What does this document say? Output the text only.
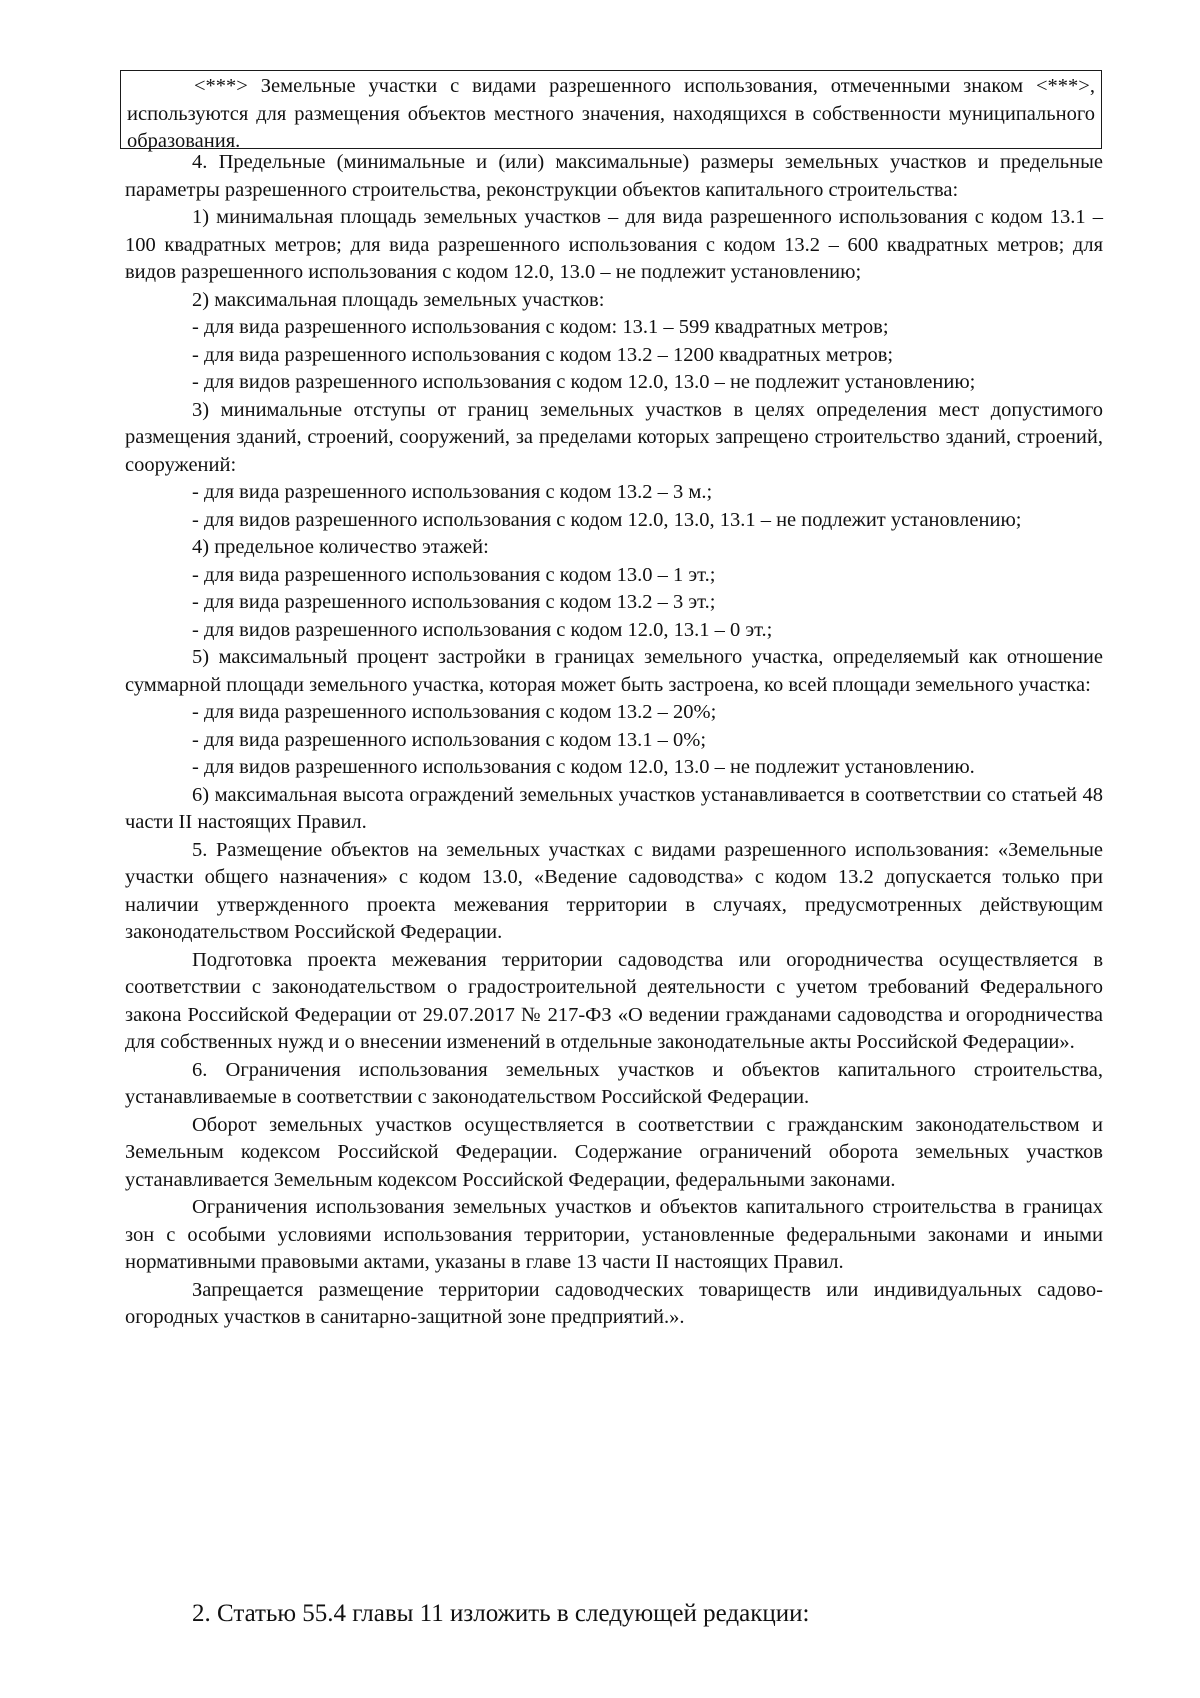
<***> Земельные участки с видами разрешенного использования, отмеченными знаком <***>, используются для размещения объектов местного значения, находящихся в собственности муниципального образования.

4. Предельные (минимальные и (или) максимальные) размеры земельных участков и предельные параметры разрешенного строительства, реконструкции объектов капитального строительства:

1) минимальная площадь земельных участков – для вида разрешенного использования с кодом 13.1 – 100 квадратных метров; для вида разрешенного использования с кодом 13.2 – 600 квадратных метров; для видов разрешенного использования с кодом 12.0, 13.0 – не подлежит установлению;

2) максимальная площадь земельных участков:

- для вида разрешенного использования с кодом: 13.1 – 599 квадратных метров;

- для вида разрешенного использования с кодом 13.2 – 1200 квадратных метров;

- для видов разрешенного использования с кодом 12.0, 13.0 – не подлежит установлению;

3) минимальные отступы от границ земельных участков в целях определения мест допустимого размещения зданий, строений, сооружений, за пределами которых запрещено строительство зданий, строений, сооружений:

- для вида разрешенного использования с кодом 13.2 – 3 м.;

- для видов разрешенного использования с кодом 12.0, 13.0, 13.1 – не подлежит установлению;

4) предельное количество этажей:

- для вида разрешенного использования с кодом 13.0 – 1 эт.;

- для вида разрешенного использования с кодом 13.2 – 3 эт.;

- для видов разрешенного использования с кодом 12.0, 13.1 – 0 эт.;

5) максимальный процент застройки в границах земельного участка, определяемый как отношение суммарной площади земельного участка, которая может быть застроена, ко всей площади земельного участка:

- для вида разрешенного использования с кодом 13.2 – 20%;

- для вида разрешенного использования с кодом 13.1 – 0%;

- для видов разрешенного использования с кодом 12.0, 13.0 – не подлежит установлению.

6) максимальная высота ограждений земельных участков устанавливается в соответствии со статьей 48 части II настоящих Правил.

5. Размещение объектов на земельных участках с видами разрешенного использования: «Земельные участки общего назначения» с кодом 13.0, «Ведение садоводства» с кодом 13.2 допускается только при наличии утвержденного проекта межевания территории в случаях, предусмотренных действующим законодательством Российской Федерации.

Подготовка проекта межевания территории садоводства или огородничества осуществляется в соответствии с законодательством о градостроительной деятельности с учетом требований Федерального закона Российской Федерации от 29.07.2017 № 217-ФЗ «О ведении гражданами садоводства и огородничества для собственных нужд и о внесении изменений в отдельные законодательные акты Российской Федерации».

6. Ограничения использования земельных участков и объектов капитального строительства, устанавливаемые в соответствии с законодательством Российской Федерации.

Оборот земельных участков осуществляется в соответствии с гражданским законодательством и Земельным кодексом Российской Федерации. Содержание ограничений оборота земельных участков устанавливается Земельным кодексом Российской Федерации, федеральными законами.

Ограничения использования земельных участков и объектов капитального строительства в границах зон с особыми условиями использования территории, установленные федеральными законами и иными нормативными правовыми актами, указаны в главе 13 части II настоящих Правил.

Запрещается размещение территории садоводческих товариществ или индивидуальных садово-огородных участков в санитарно-защитной зоне предприятий.».

2. Статью 55.4 главы 11 изложить в следующей редакции:
